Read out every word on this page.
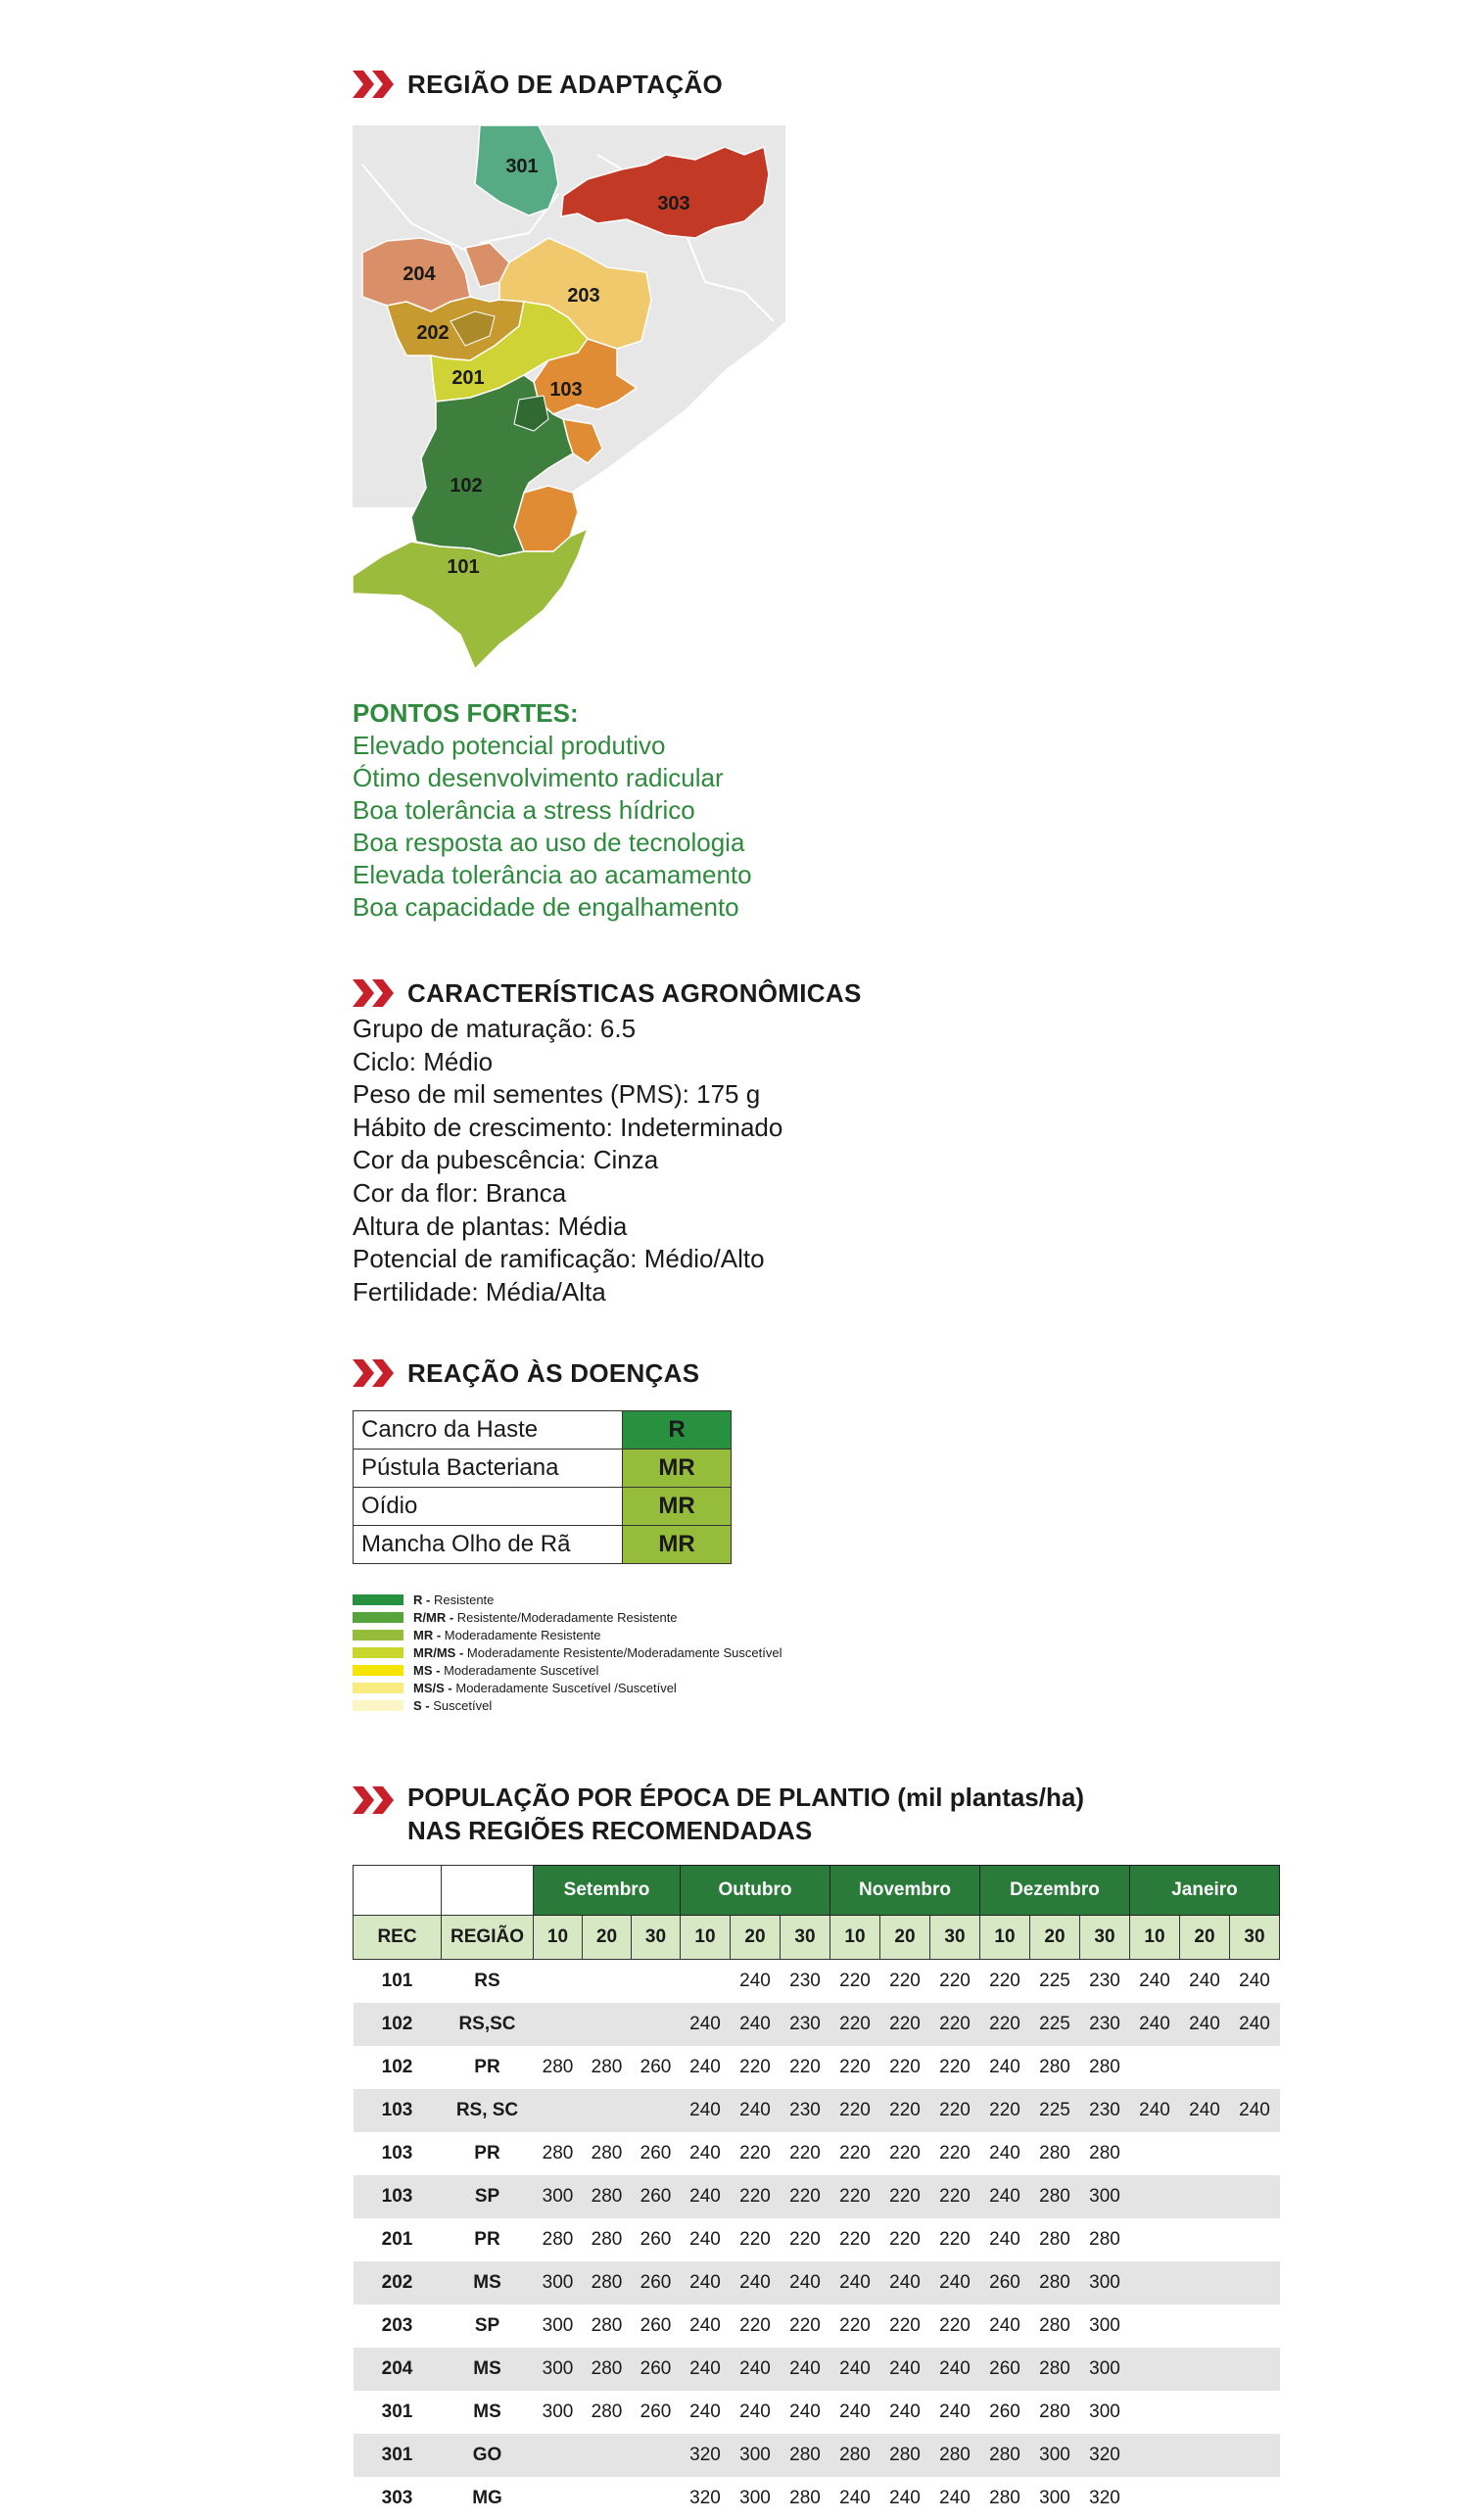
REGIÃO DE ADAPTAÇÃO
301
303
204
203
202
201
103
102
101
PONTOS FORTES:
Elevado potencial produtivo
Ótimo desenvolvimento radicular
Boa tolerância a stress hídrico
Boa resposta ao uso de tecnologia
Elevada tolerância ao acamamento
Boa capacidade de engalhamento
CARACTERÍSTICAS AGRONÔMICAS
Grupo de maturação: 6.5
Ciclo: Médio
Peso de mil sementes (PMS): 175 g
Hábito de crescimento: Indeterminado
Cor da pubescência: Cinza
Cor da flor: Branca
Altura de plantas: Média
Potencial de ramificação: Médio/Alto
Fertilidade: Média/Alta
REAÇÃO ÀS DOENÇAS
Cancro da Haste	R
Pústula Bacteriana	MR
Oídio	MR
Mancha Olho de Rã	MR
R -
Resistente
R/MR -
Resistente/Moderadamente Resistente
MR -
Moderadamente Resistente
MR/MS -
Moderadamente Resistente/Moderadamente Suscetível
MS -
Moderadamente Suscetível
MS/S -
Moderadamente Suscetível /Suscetível
S -
Suscetível
POPULAÇÃO POR ÉPOCA DE PLANTIO (mil plantas/ha)
NAS REGIÕES RECOMENDADAS
		Setembro			Outubro			Novembro			Dezembro			Janeiro		
REC	REGIÃO	10	20	30	10	20	30	10	20	30	10	20	30	10	20	30
101	RS					240	230	220	220	220	220	225	230	240	240	240
102	RS,SC				240	240	230	220	220	220	220	225	230	240	240	240
102	PR	280	280	260	240	220	220	220	220	220	240	280	280			
103	RS, SC				240	240	230	220	220	220	220	225	230	240	240	240
103	PR	280	280	260	240	220	220	220	220	220	240	280	280			
103	SP	300	280	260	240	220	220	220	220	220	240	280	300			
201	PR	280	280	260	240	220	220	220	220	220	240	280	280			
202	MS	300	280	260	240	240	240	240	240	240	260	280	300			
203	SP	300	280	260	240	220	220	220	220	220	240	280	300			
204	MS	300	280	260	240	240	240	240	240	240	260	280	300			
301	MS	300	280	260	240	240	240	240	240	240	260	280	300			
301	GO				320	300	280	280	280	280	280	300	320			
303	MG				320	300	280	240	240	240	280	300	320			
